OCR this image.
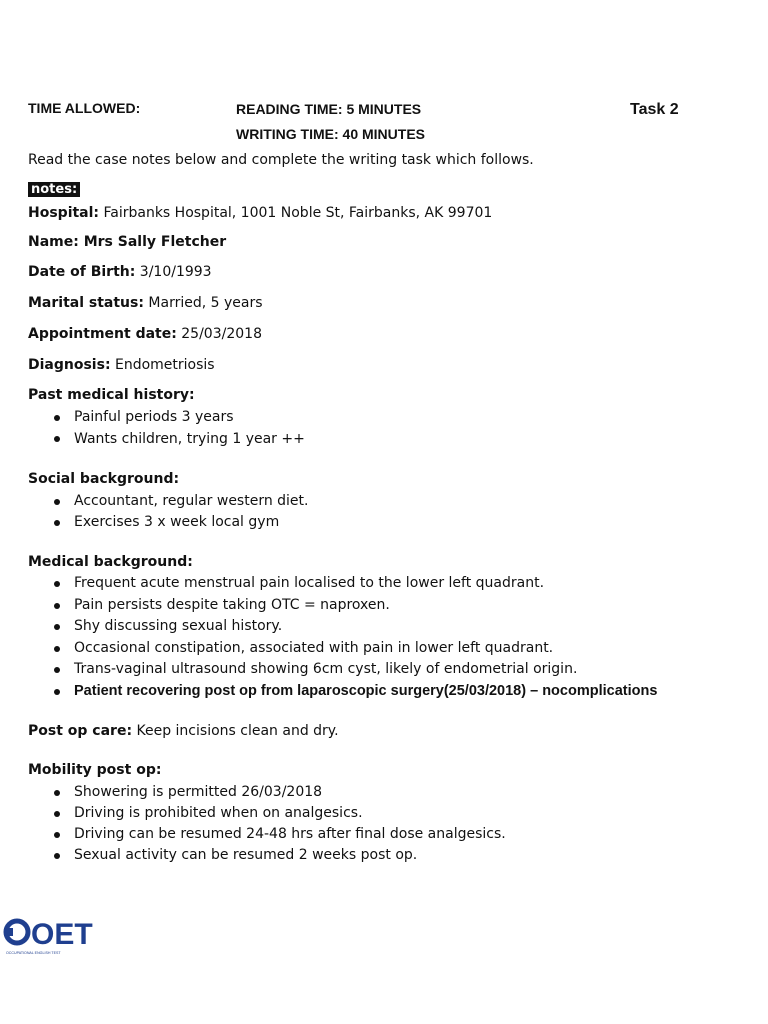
TIME ALLOWED:	READING TIME: 5 MINUTES
WRITING TIME: 40 MINUTES
Task 2
Read the case notes below and complete the writing task which follows.
notes:
Hospital: Fairbanks Hospital, 1001 Noble St, Fairbanks, AK 99701
Name: Mrs Sally Fletcher
Date of Birth: 3/10/1993
Marital status: Married, 5 years
Appointment date: 25/03/2018
Diagnosis: Endometriosis
Past medical history:
Painful periods 3 years
Wants children, trying 1 year ++
Social background:
Accountant, regular western diet.
Exercises 3 x week local gym
Medical background:
Frequent acute menstrual pain localised to the lower left quadrant.
Pain persists despite taking OTC = naproxen.
Shy discussing sexual history.
Occasional constipation, associated with pain in lower left quadrant.
Trans-vaginal ultrasound showing 6cm cyst, likely of endometrial origin.
Patient recovering post op from laparoscopic surgery(25/03/2018) – nocomplications
Post op care: Keep incisions clean and dry.
Mobility post op:
Showering is permitted 26/03/2018
Driving is prohibited when on analgesics.
Driving can be resumed 24-48 hrs after final dose analgesics.
Sexual activity can be resumed 2 weeks post op.
OET
OCCUPATIONAL ENGLISH TEST
